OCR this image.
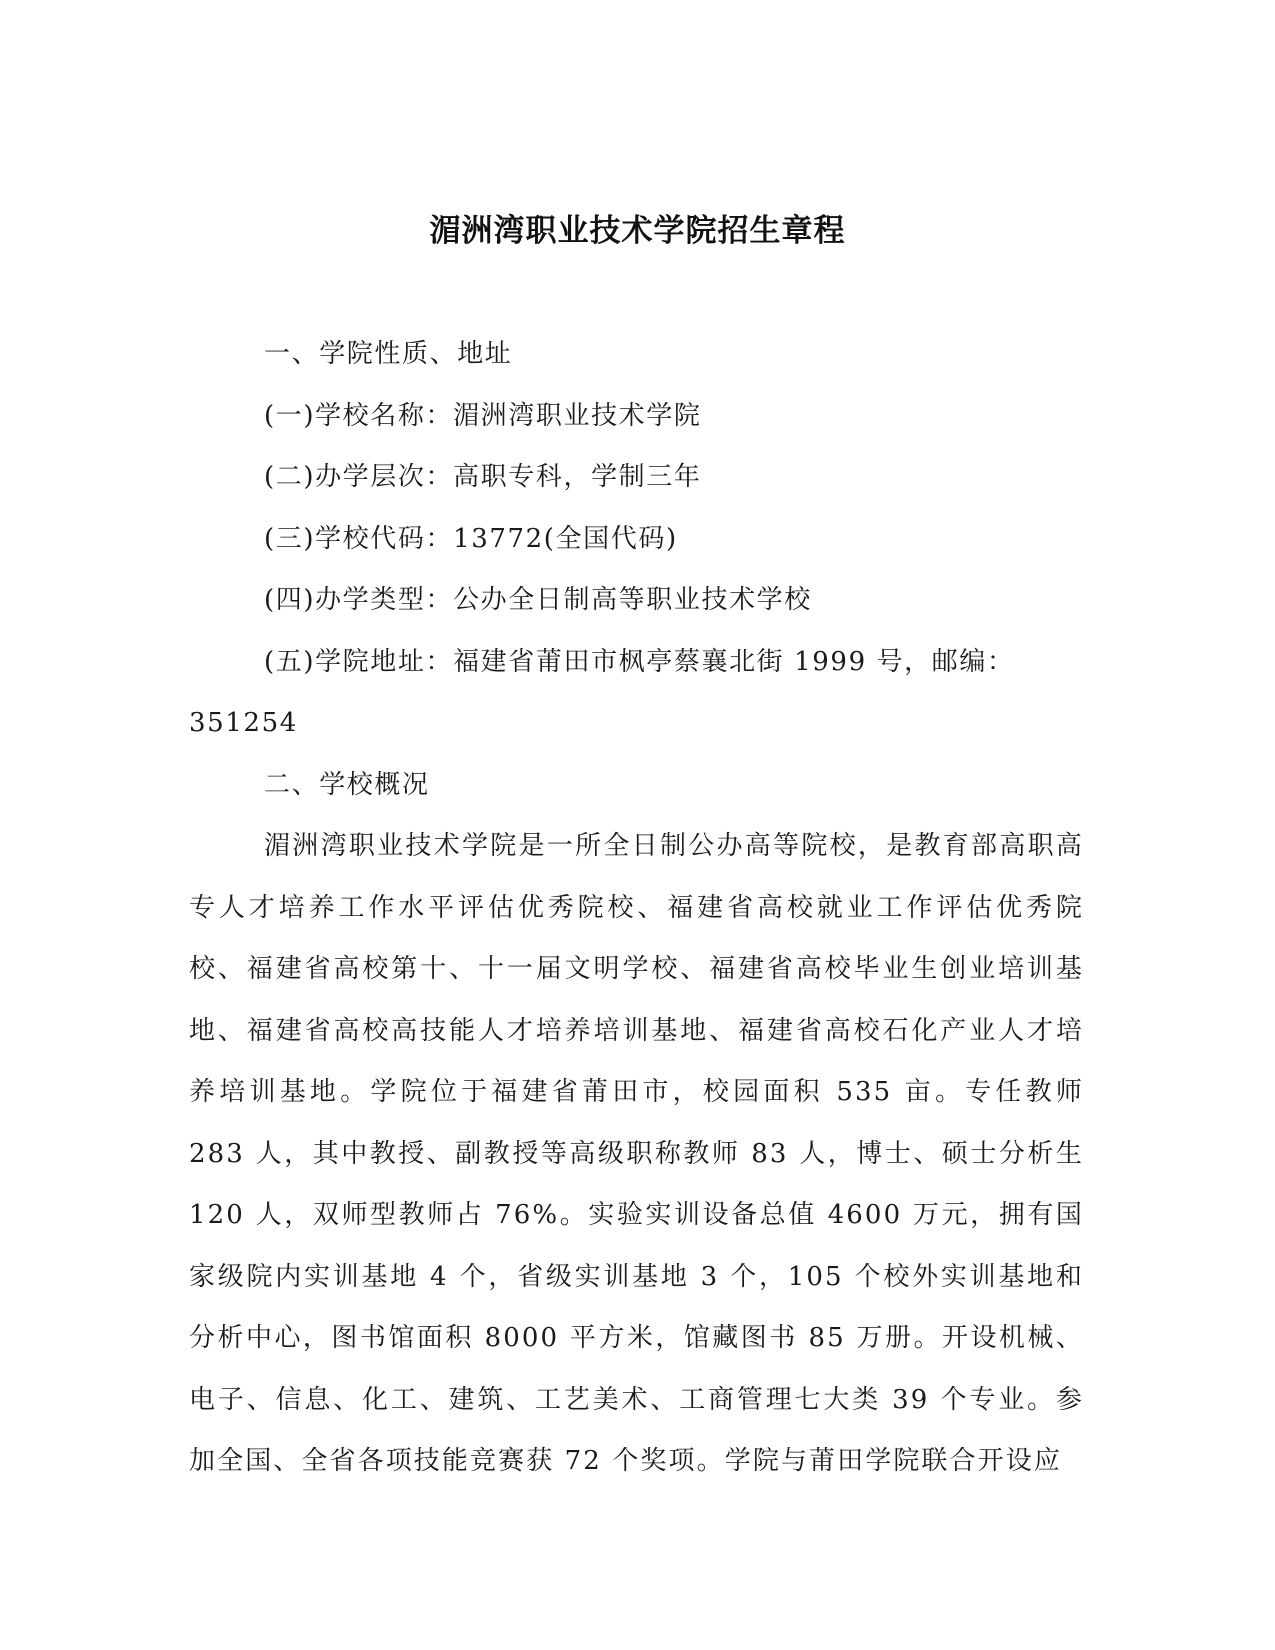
湄洲湾职业技术学院招生章程

一、学院性质、地址

(一)学校名称：湄洲湾职业技术学院

(二)办学层次：高职专科，学制三年

(三)学校代码：13772(全国代码)

(四)办学类型：公办全日制高等职业技术学校

(五)学院地址：福建省莆田市枫亭蔡襄北街 1999 号，邮编：

351254

二、学校概况

湄洲湾职业技术学院是一所全日制公办高等院校，是教育部高职高专人才培养工作水平评估优秀院校、福建省高校就业工作评估优秀院校、福建省高校第十、十一届文明学校、福建省高校毕业生创业培训基地、福建省高校高技能人才培养培训基地、福建省高校石化产业人才培养培训基地。学院位于福建省莆田市，校园面积 535 亩。专任教师 283 人，其中教授、副教授等高级职称教师 83 人，博士、硕士分析生 120 人，双师型教师占 76%。实验实训设备总值 4600 万元，拥有国家级院内实训基地 4 个，省级实训基地 3 个，105 个校外实训基地和分析中心，图书馆面积 8000 平方米，馆藏图书 85 万册。开设机械、电子、信息、化工、建筑、工艺美术、工商管理七大类 39 个专业。参加全国、全省各项技能竞赛获 72 个奖项。学院与莆田学院联合开设应
